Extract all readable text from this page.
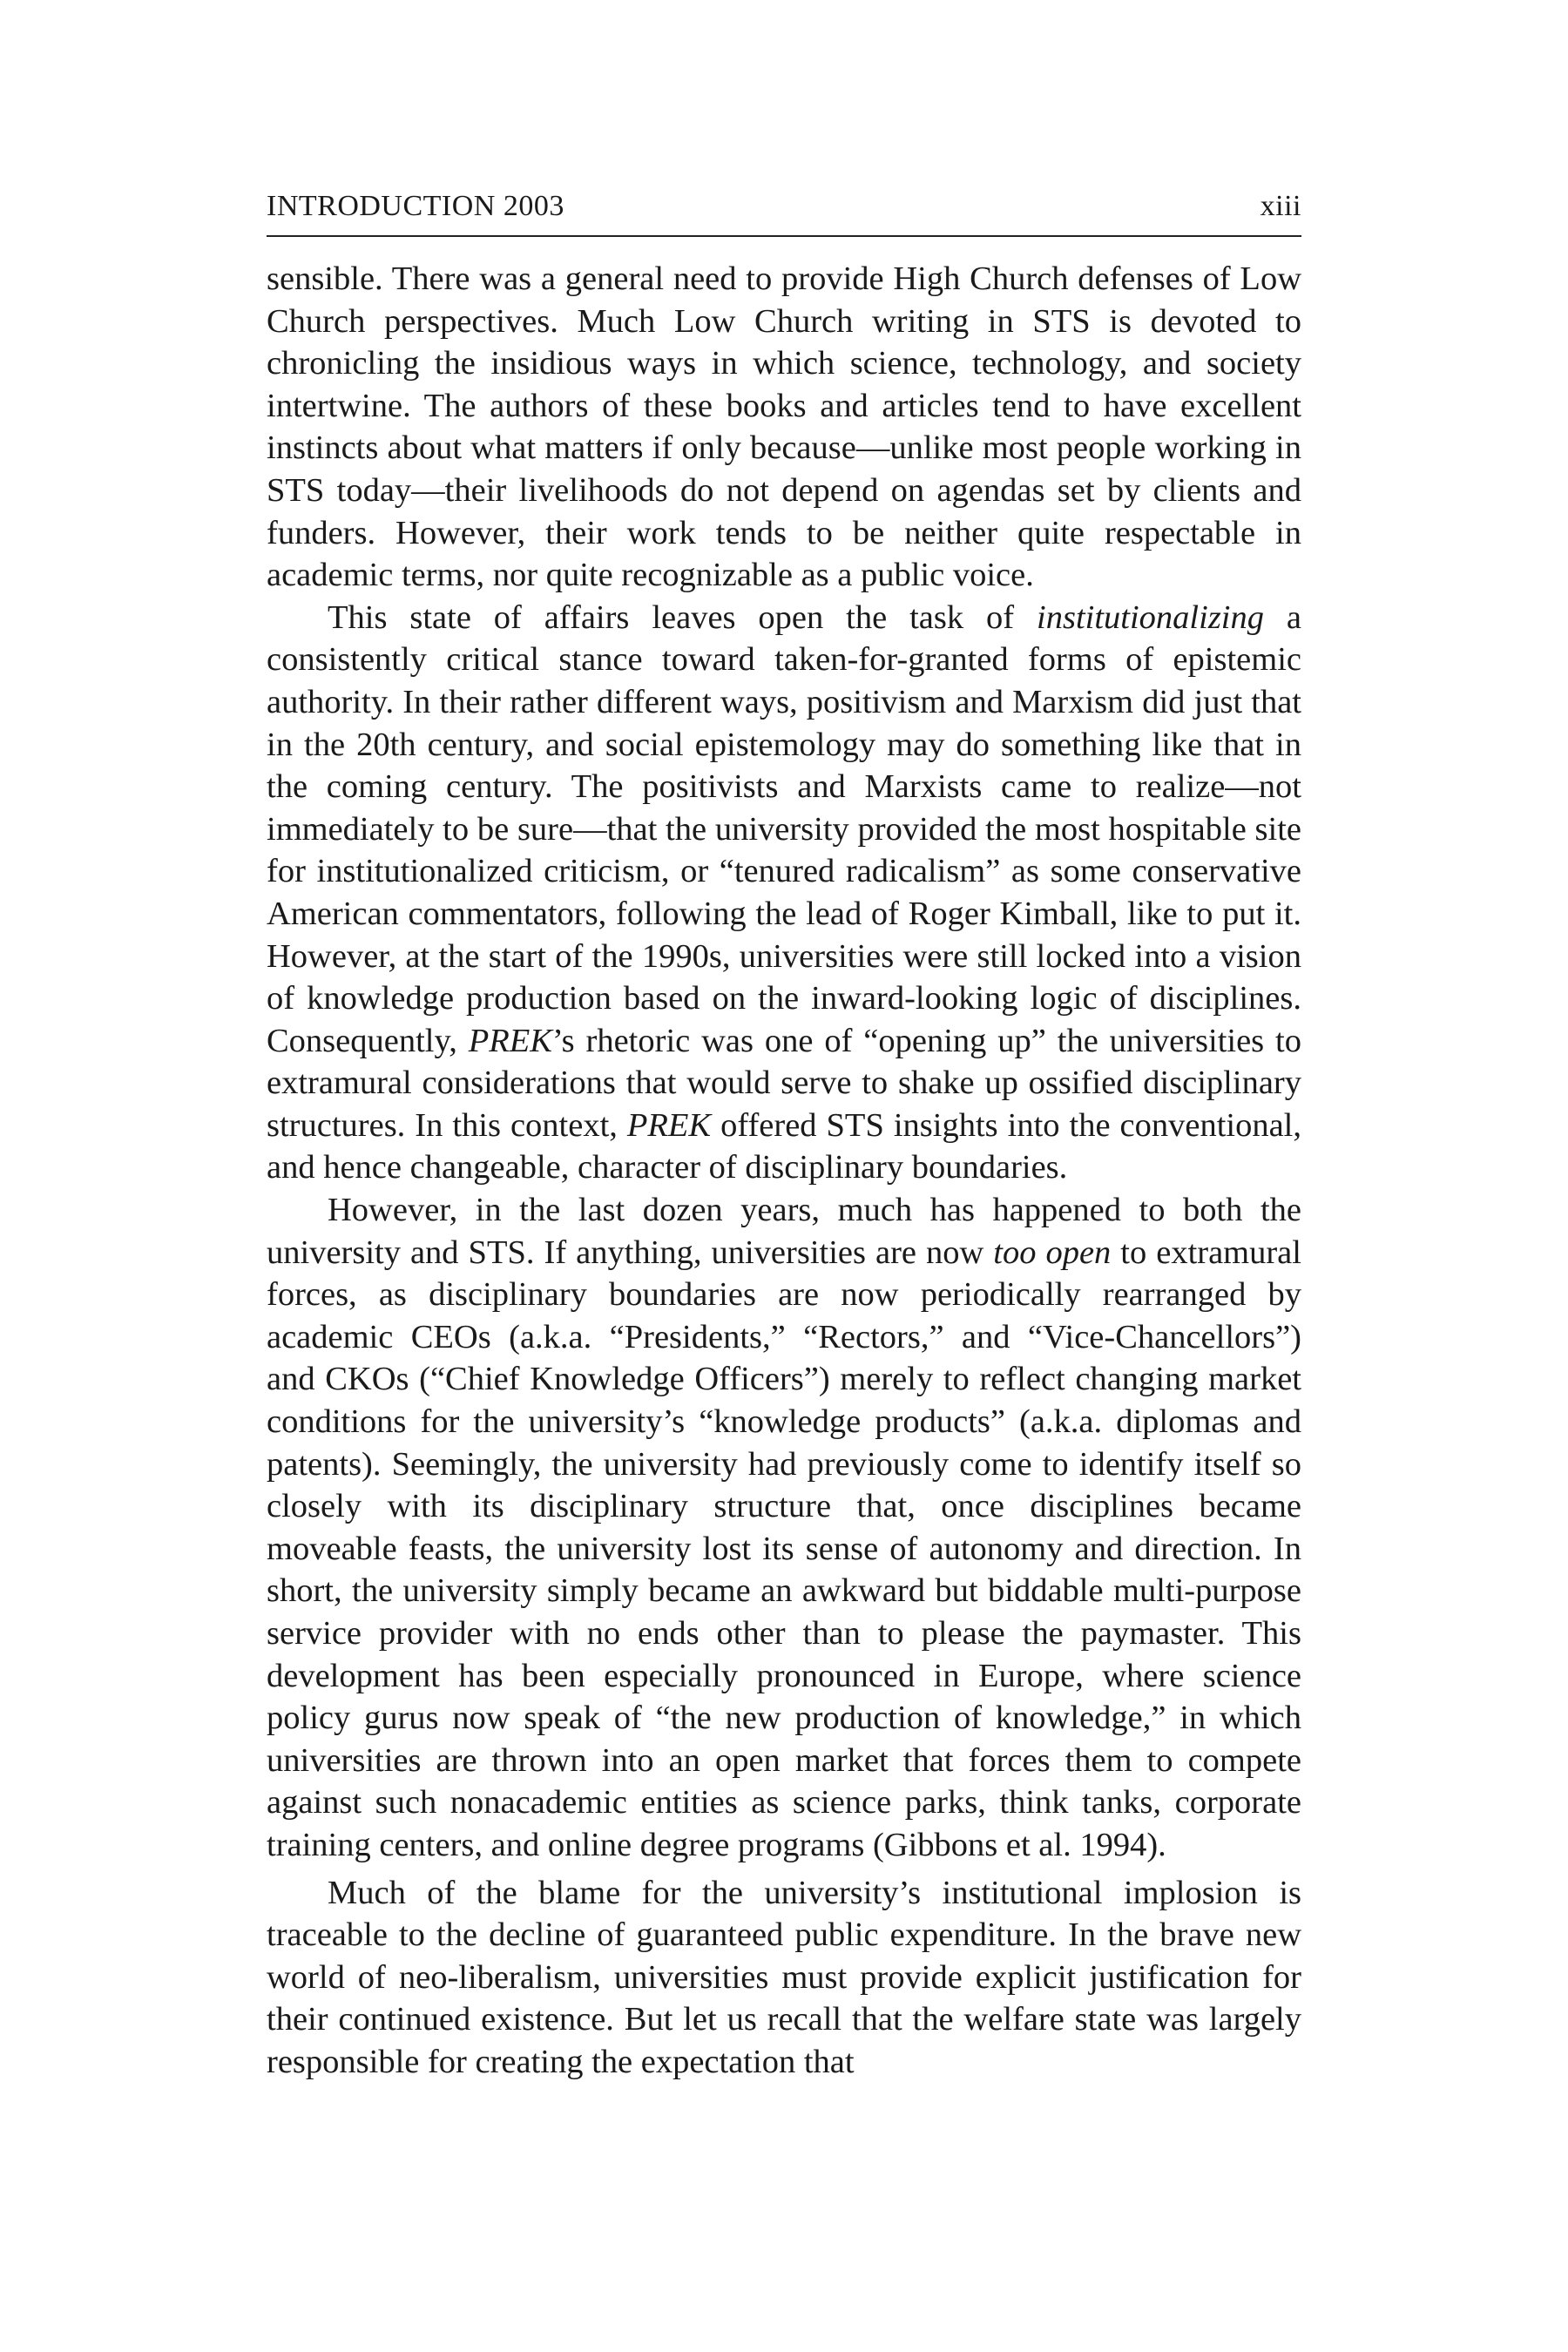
INTRODUCTION 2003	xiii

sensible. There was a general need to provide High Church defenses of Low Church perspectives. Much Low Church writing in STS is devoted to chronicling the insidious ways in which science, technology, and society intertwine. The authors of these books and articles tend to have excellent instincts about what matters if only because—unlike most people working in STS today—their livelihoods do not depend on agendas set by clients and funders. However, their work tends to be neither quite respectable in academic terms, nor quite recognizable as a public voice.

This state of affairs leaves open the task of institutionalizing a consistently critical stance toward taken-for-granted forms of epistemic authority. In their rather different ways, positivism and Marxism did just that in the 20th century, and social epistemology may do something like that in the coming century. The positivists and Marxists came to realize—not immediately to be sure—that the university provided the most hospitable site for institutionalized criticism, or “tenured radicalism” as some conservative American commentators, following the lead of Roger Kimball, like to put it. However, at the start of the 1990s, universities were still locked into a vision of knowledge production based on the inward-looking logic of disciplines. Consequently, PREK’s rhetoric was one of “opening up” the universities to extramural considerations that would serve to shake up ossified disciplinary structures. In this context, PREK offered STS insights into the conventional, and hence changeable, character of disciplinary boundaries.

However, in the last dozen years, much has happened to both the university and STS. If anything, universities are now too open to extramural forces, as disciplinary boundaries are now periodically rearranged by academic CEOs (a.k.a. “Presidents,” “Rectors,” and “Vice-Chancellors”) and CKOs (“Chief Knowledge Officers”) merely to reflect changing market conditions for the university’s “knowledge products” (a.k.a. diplomas and patents). Seemingly, the university had previously come to identify itself so closely with its disciplinary structure that, once disciplines became moveable feasts, the university lost its sense of autonomy and direction. In short, the university simply became an awkward but biddable multi-purpose service provider with no ends other than to please the paymaster. This development has been especially pronounced in Europe, where science policy gurus now speak of “the new production of knowledge,” in which universities are thrown into an open market that forces them to compete against such nonacademic entities as science parks, think tanks, corporate training centers, and online degree programs (Gibbons et al. 1994).

Much of the blame for the university’s institutional implosion is traceable to the decline of guaranteed public expenditure. In the brave new world of neo-liberalism, universities must provide explicit justification for their continued existence. But let us recall that the welfare state was largely responsible for creating the expectation that
